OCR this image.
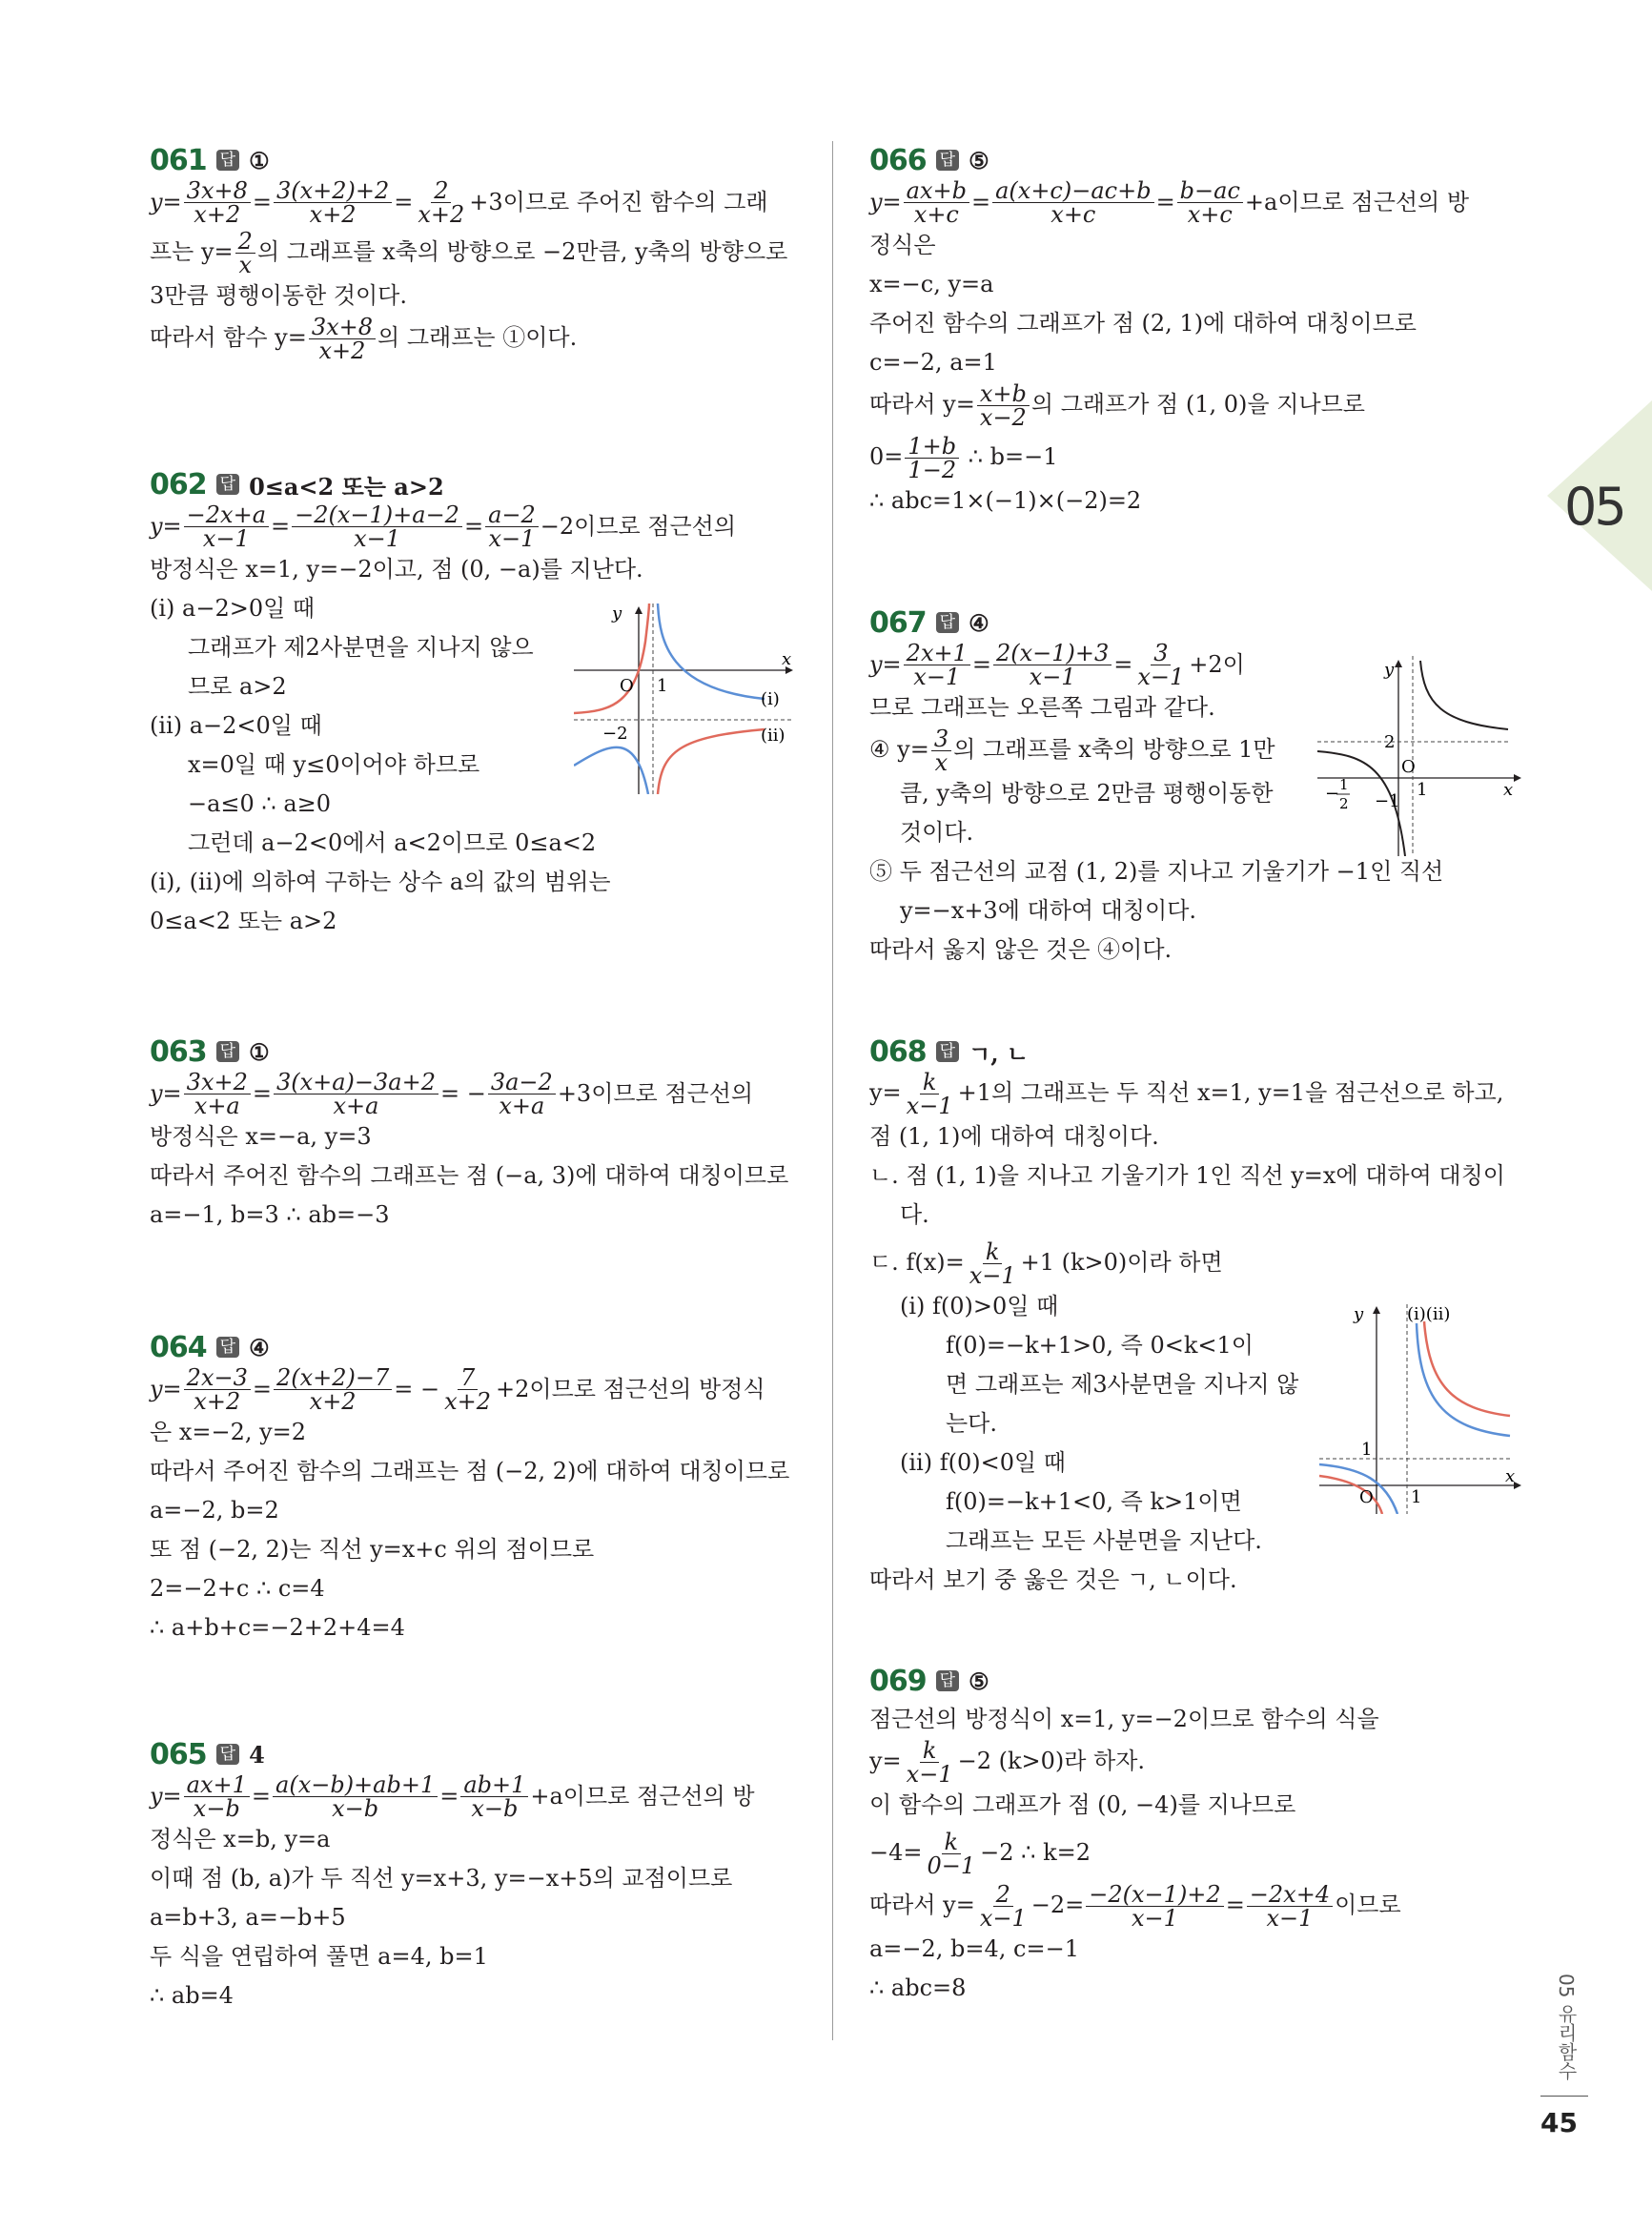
05
061 답 ①
$y= \frac{3x+8}{x+2} = \frac{3(x+2)+2}{x+2} = \frac{2}{x+2} +3$이므로 주어진 함수의 그래
프는 $y= \frac{2}{x}$ 의 그래프를 x축의 방향으로 −2만큼, y축의 방향으로
3만큼 평행이동한 것이다.
따라서 함수 $y= \frac{3x+8}{x+2}$ 의 그래프는 ①이다.
062 답 0≤a<2 또는 a>2
$y= \frac{-2x+a}{x-1} = \frac{-2(x-1)+a-2}{x-1} = \frac{a-2}{x-1} -2$이므로 점근선의
방정식은 x=1, y=−2이고, 점 (0, −a)를 지난다.
(ⅰ) a−2>0일 때
그래프가 제2사분면을 지나지 않으
므로 a>2
(ⅱ) a−2<0일 때
x=0일 때 y≤0이어야 하므로
−a≤0 ∴ a≥0
그런데 a−2<0에서 a<2이므로 0≤a<2
(ⅰ), (ⅱ)에 의하여 구하는 상수 a의 값의 범위는
0≤a<2 또는 a>2
y
x
O 1
−2
(ⅰ)
(ⅱ)
063 답 ①
$y= \frac{3x+2}{x+a} = \frac{3(x+a)-3a+2}{x+a}$ = − $\frac{3a-2}{x+a} +3$이므로 점근선의
방정식은 x=−a, y=3
따라서 주어진 함수의 그래프는 점 (−a, 3)에 대하여 대칭이므로
a=−1, b=3 ∴ ab=−3
064 답 ④
$y= \frac{2x-3}{x+2} = \frac{2(x+2)-7}{x+2}$ = − $\frac{7}{x+2} +2$이므로 점근선의 방정식
은 x=−2, y=2
따라서 주어진 함수의 그래프는 점 (−2, 2)에 대하여 대칭이므로
a=−2, b=2
또 점 (−2, 2)는 직선 y=x+c 위의 점이므로
2=−2+c ∴ c=4
∴ a+b+c=−2+2+4=4
065 답 4
$y= \frac{ax+1}{x-b} = \frac{a(x-b)+ab+1}{x-b} = \frac{ab+1}{x-b} +a$이므로 점근선의 방
정식은 x=b, y=a
이때 점 (b, a)가 두 직선 y=x+3, y=−x+5의 교점이므로
a=b+3, a=−b+5
두 식을 연립하여 풀면 a=4, b=1
∴ ab=4
066 답 ⑤
$y= \frac{ax+b}{x+c} = \frac{a(x+c)-ac+b}{x+c} = \frac{b-ac}{x+c} +a$이므로 점근선의 방
정식은
x=−c, y=a
주어진 함수의 그래프가 점 (2, 1)에 대하여 대칭이므로
c=−2, a=1
따라서 $y= \frac{x+b}{x-2}$ 의 그래프가 점 (1, 0)을 지나므로
$0= \frac{1+b}{1-2}$ ∴ b=−1
∴ abc=1×(−1)×(−2)=2
067 답 ④
$y= \frac{2x+1}{x-1} = \frac{2(x-1)+3}{x-1} = \frac{3}{x-1} +2$이
므로 그래프는 오른쪽 그림과 같다.
④ $y= \frac{3}{x}$ 의 그래프를 x축의 방향으로 1만
큼, y축의 방향으로 2만큼 평행이동한
것이다.
⑤ 두 점근선의 교점 (1, 2)를 지나고 기울기가 −1인 직선
y=−x+3에 대하여 대칭이다.
따라서 옳지 않은 것은 ④이다.
y
x
O
1
2
−1
− 1
2
068 답 ㄱ, ㄴ
$y= \frac{k}{x-1} +1$의 그래프는 두 직선 x=1, y=1을 점근선으로 하고,
점 (1, 1)에 대하여 대칭이다.
ㄴ. 점 (1, 1)을 지나고 기울기가 1인 직선 y=x에 대하여 대칭이
다.
ㄷ. $f(x)= \frac{k}{x-1} +1$ (k>0)이라 하면
(ⅰ) f(0)>0일 때
f(0)=−k+1>0, 즉 0<k<1이
면 그래프는 제3사분면을 지나지 않
는다.
(ⅱ) f(0)<0일 때
f(0)=−k+1<0, 즉 k>1이면
그래프는 모든 사분면을 지난다.
따라서 보기 중 옳은 것은 ㄱ, ㄴ이다.
y	(ⅰ)(ⅱ)
x
O 1
1
069 답 ⑤
점근선의 방정식이 x=1, y=−2이므로 함수의 식을
$y= \frac{k}{x-1} -2$ (k>0)라 하자.
이 함수의 그래프가 점 (0, −4)를 지나므로
$-4= \frac{k}{0-1} -2$ ∴ k=2
따라서 $y= \frac{2}{x-1} -2= \frac{-2(x-1)+2}{x-1} = \frac{-2x+4}{x-1}$ 이므로
a=−2, b=4, c=−1
∴ abc=8	05 유리함수
45
